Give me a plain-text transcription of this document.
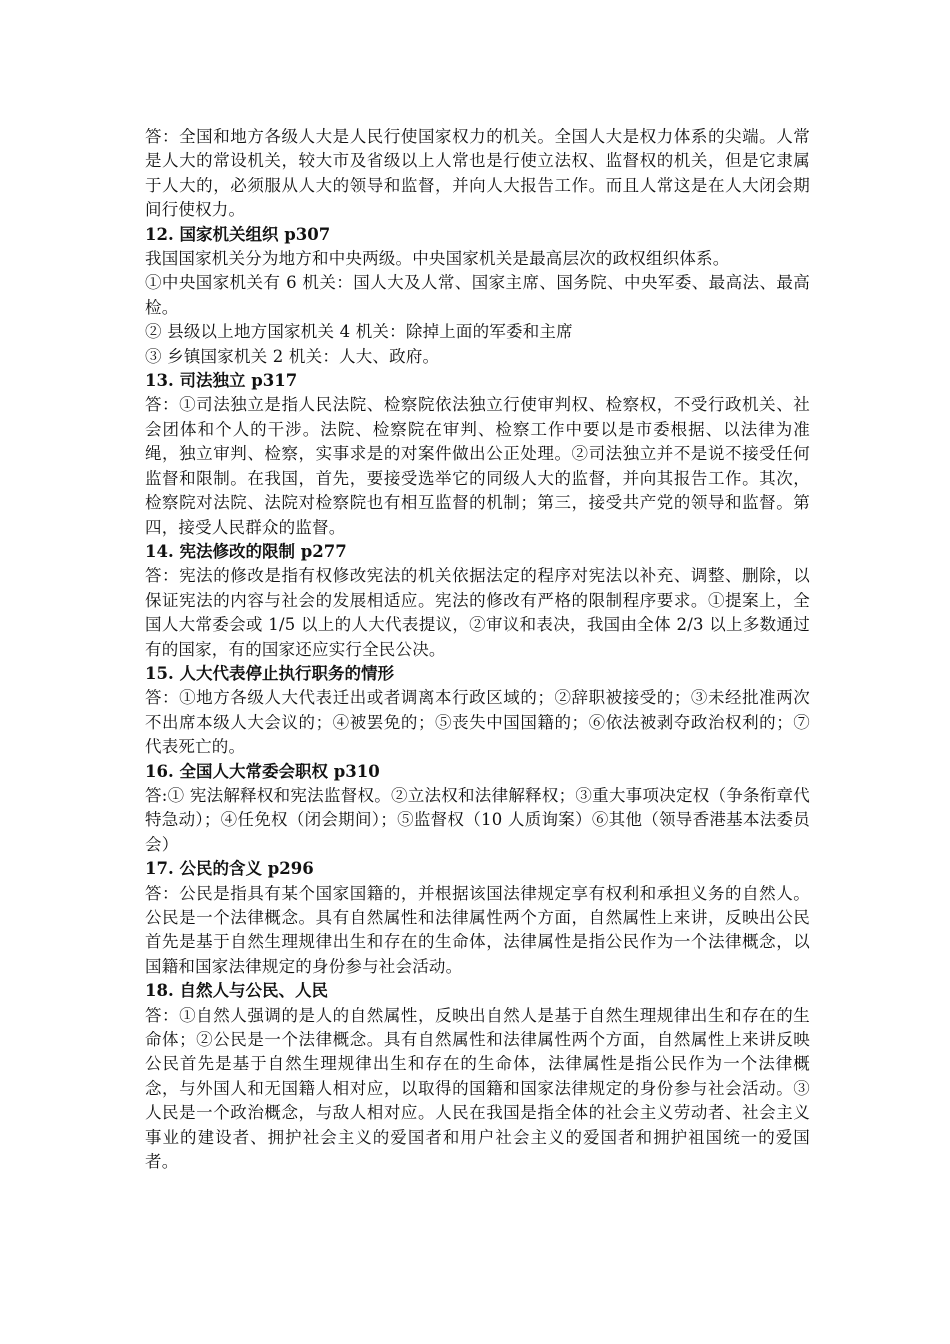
答：全国和地方各级人大是人民行使国家权力的机关。全国人大是权力体系的尖端。人常是人大的常设机关，较大市及省级以上人常也是行使立法权、监督权的机关，但是它隶属于人大的，必须服从人大的领导和监督，并向人大报告工作。而且人常这是在人大闭会期间行使权力。

12. 国家机关组织 p307

我国国家机关分为地方和中央两级。中央国家机关是最高层次的政权组织体系。

①中央国家机关有 6 机关：国人大及人常、国家主席、国务院、中央军委、最高法、最高检。

② 县级以上地方国家机关 4 机关：除掉上面的军委和主席

③ 乡镇国家机关 2 机关：人大、政府。

13. 司法独立 p317

答：①司法独立是指人民法院、检察院依法独立行使审判权、检察权，不受行政机关、社会团体和个人的干涉。法院、检察院在审判、检察工作中要以是市委根据、以法律为准绳，独立审判、检察，实事求是的对案件做出公正处理。②司法独立并不是说不接受任何监督和限制。在我国，首先，要接受选举它的同级人大的监督，并向其报告工作。其次，检察院对法院、法院对检察院也有相互监督的机制；第三，接受共产党的领导和监督。第四，接受人民群众的监督。

14. 宪法修改的限制 p277

答：宪法的修改是指有权修改宪法的机关依据法定的程序对宪法以补充、调整、删除，以保证宪法的内容与社会的发展相适应。宪法的修改有严格的限制程序要求。①提案上，全国人大常委会或 1/5 以上的人大代表提议，②审议和表决，我国由全体 2/3 以上多数通过有的国家，有的国家还应实行全民公决。

15. 人大代表停止执行职务的情形

答：①地方各级人大代表迁出或者调离本行政区域的；②辞职被接受的；③未经批准两次不出席本级人大会议的；④被罢免的；⑤丧失中国国籍的；⑥依法被剥夺政治权利的；⑦代表死亡的。

16. 全国人大常委会职权 p310

答:① 宪法解释权和宪法监督权。②立法权和法律解释权；③重大事项决定权（争条衔章代特急动）；④任免权（闭会期间）；⑤监督权（10 人质询案）⑥其他（领导香港基本法委员会）

17. 公民的含义 p296

答：公民是指具有某个国家国籍的，并根据该国法律规定享有权利和承担义务的自然人。公民是一个法律概念。具有自然属性和法律属性两个方面，自然属性上来讲，反映出公民首先是基于自然生理规律出生和存在的生命体，法律属性是指公民作为一个法律概念，以国籍和国家法律规定的身份参与社会活动。

18. 自然人与公民、人民

答：①自然人强调的是人的自然属性，反映出自然人是基于自然生理规律出生和存在的生命体；②公民是一个法律概念。具有自然属性和法律属性两个方面，自然属性上来讲反映公民首先是基于自然生理规律出生和存在的生命体，法律属性是指公民作为一个法律概念，与外国人和无国籍人相对应，以取得的国籍和国家法律规定的身份参与社会活动。③人民是一个政治概念，与敌人相对应。人民在我国是指全体的社会主义劳动者、社会主义事业的建设者、拥护社会主义的爱国者和用户社会主义的爱国者和拥护祖国统一的爱国者。
